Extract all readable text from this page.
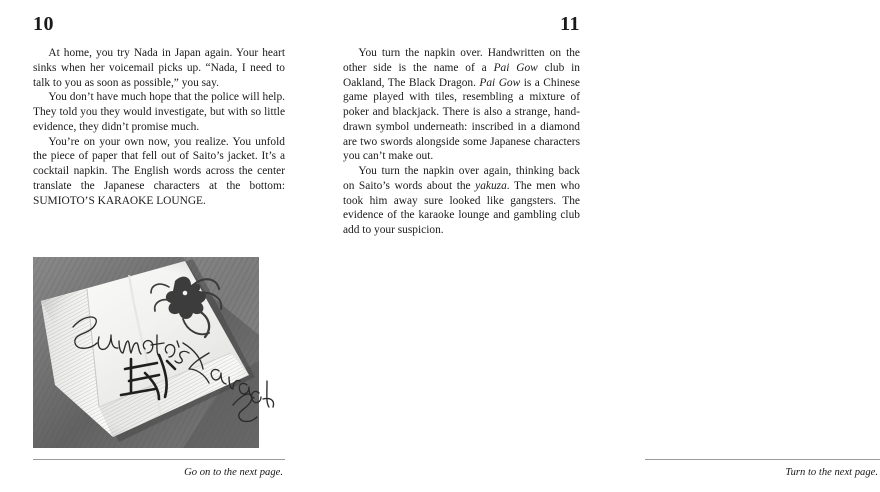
10

At home, you try Nada in Japan again. Your heart sinks when her voicemail picks up. “Nada, I need to talk to you as soon as possible,” you say.

You don’t have much hope that the police will help. They told you they would investigate, but with so little evidence, they didn’t promise much.

You’re on your own now, you realize. You unfold the piece of paper that fell out of Saito’s jacket. It’s a cocktail napkin. The English words across the center translate the Japanese characters at the bottom: SUMIOTO’S KARAOKE LOUNGE.

Go on to the next page.
11

You turn the napkin over. Handwritten on the other side is the name of a Pai Gow club in Oakland, The Black Dragon. Pai Gow is a Chinese game played with tiles, resembling a mixture of poker and blackjack. There is also a strange, hand-drawn symbol underneath: inscribed in a diamond are two swords alongside some Japanese characters you can’t make out.

You turn the napkin over again, thinking back on Saito’s words about the yakuza. The men who took him away sure looked like gangsters. The evidence of the karaoke lounge and gambling club add to your suspicion.

Turn to the next page.
